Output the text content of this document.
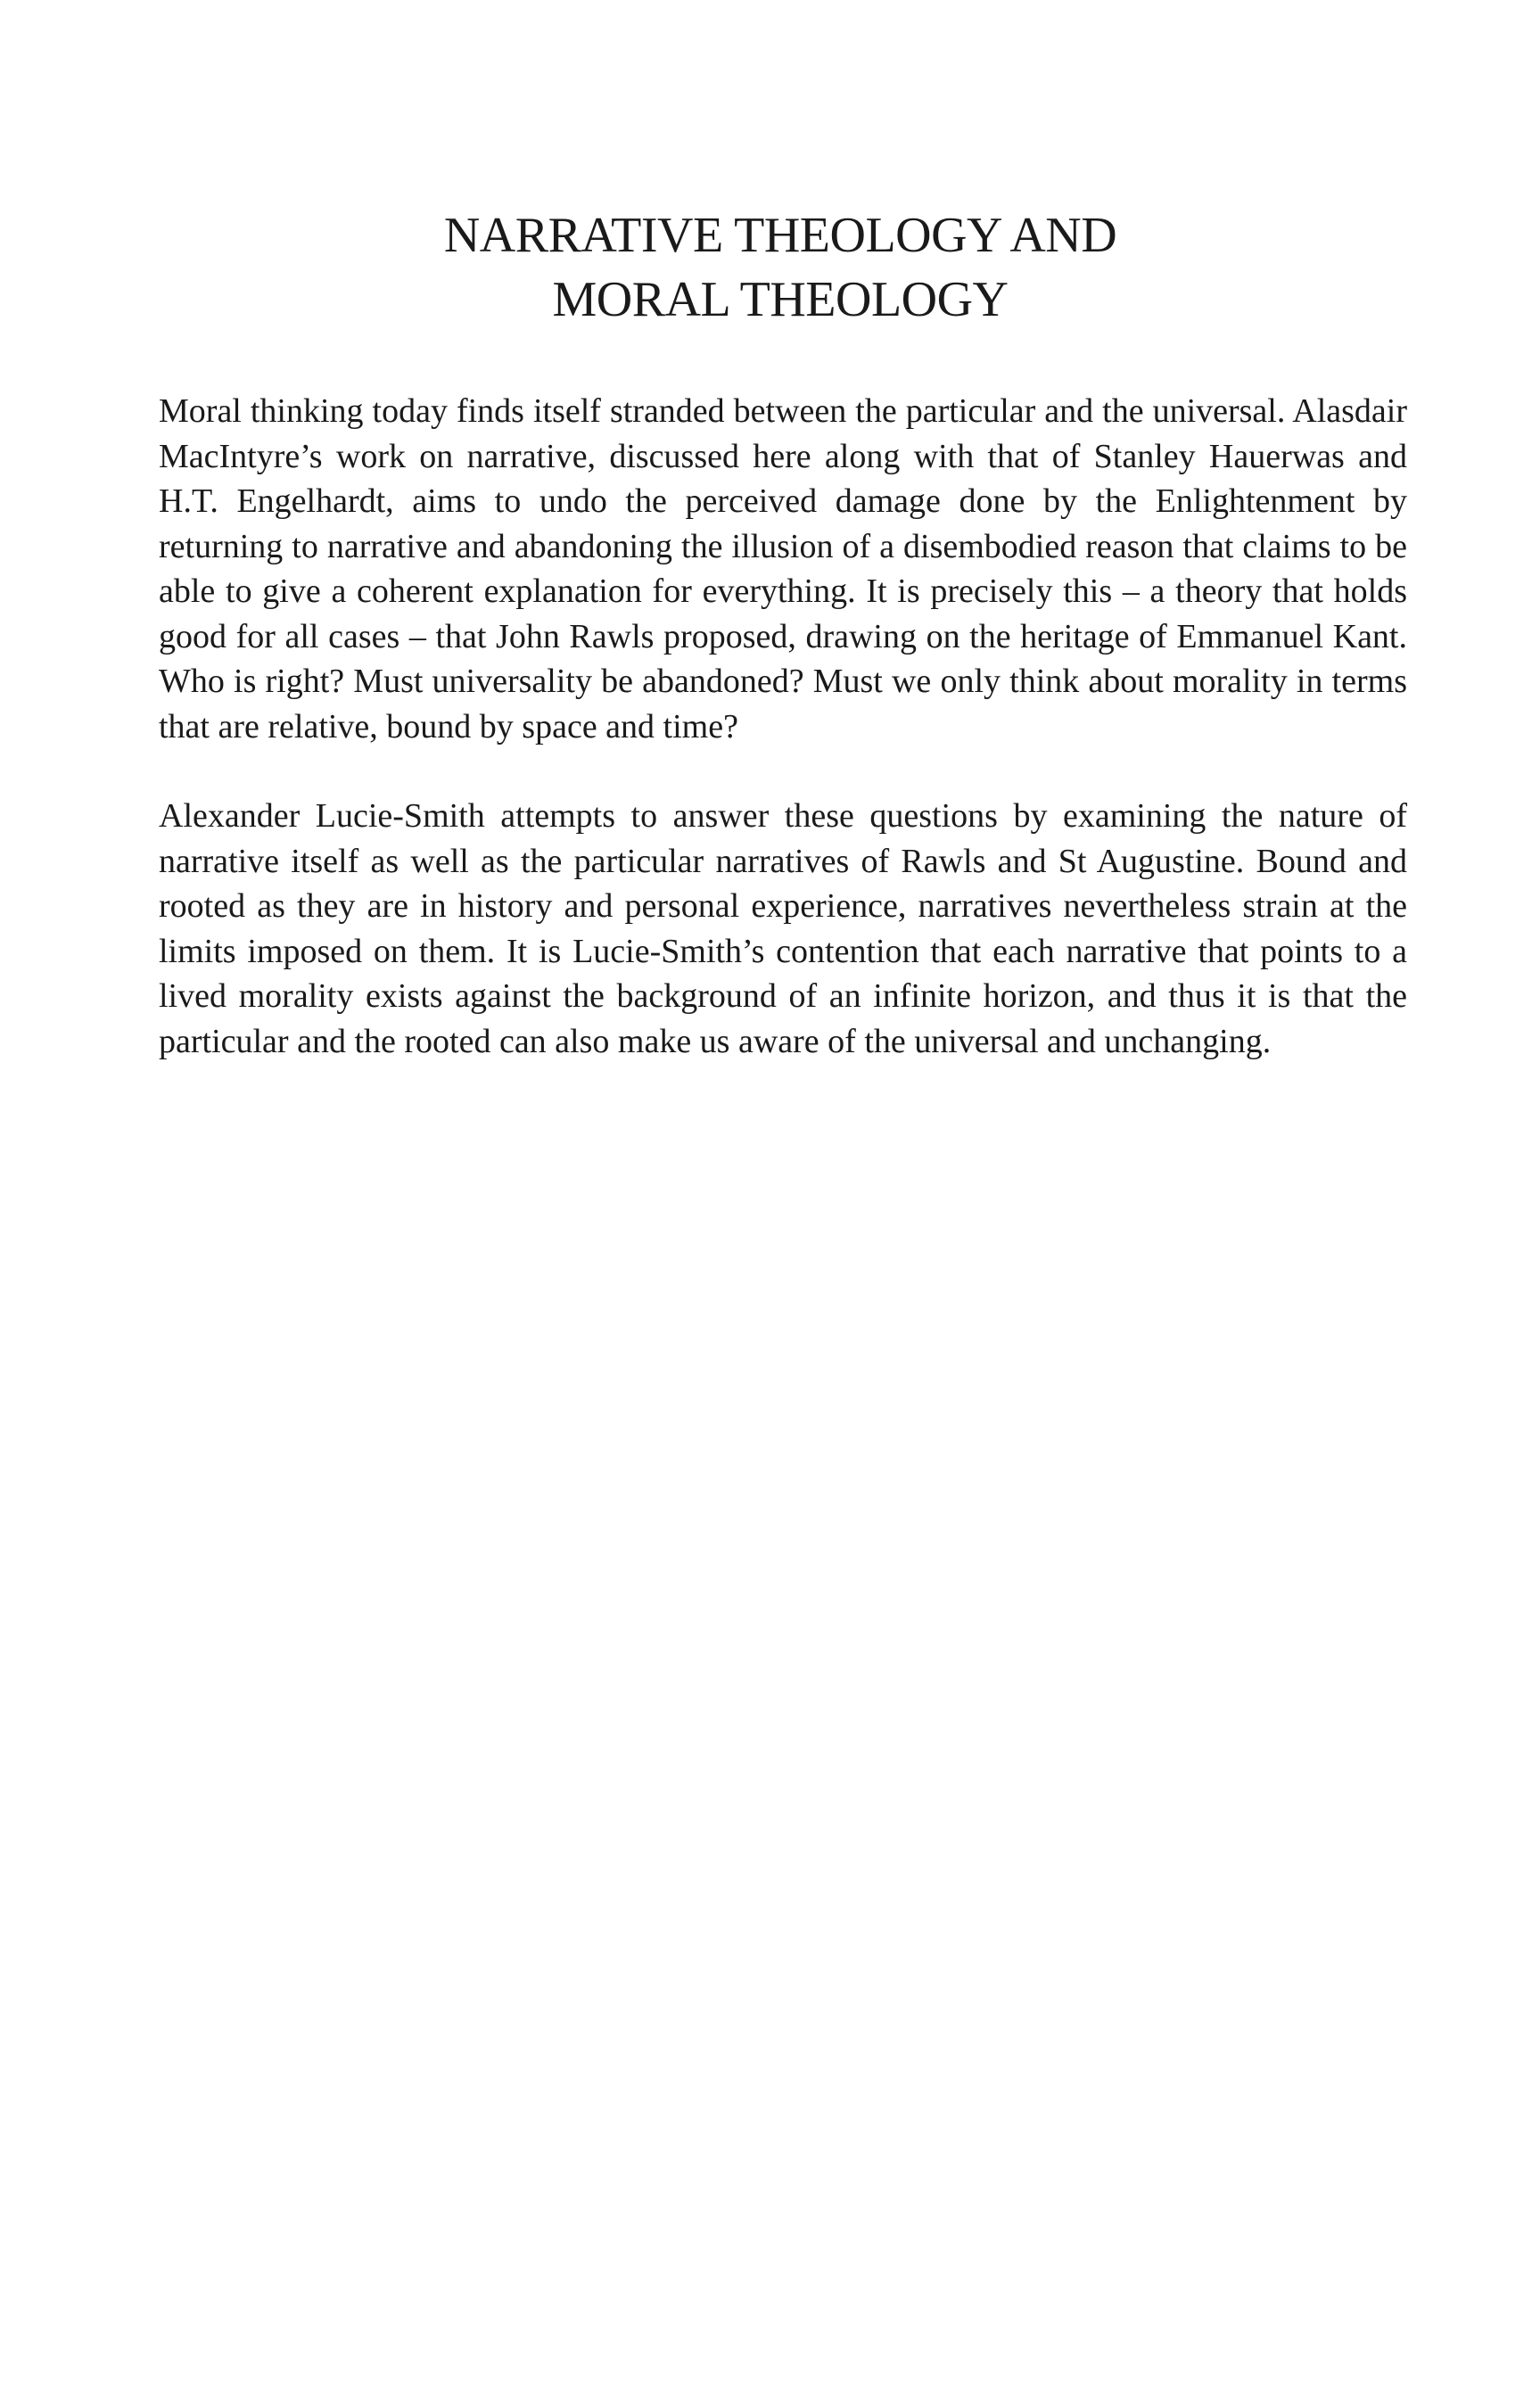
NARRATIVE THEOLOGY AND
MORAL THEOLOGY

Moral thinking today finds itself stranded between the particular and the universal. Alasdair MacIntyre’s work on narrative, discussed here along with that of Stanley Hauerwas and H.T. Engelhardt, aims to undo the perceived damage done by the Enlightenment by returning to narrative and abandoning the illusion of a disembodied reason that claims to be able to give a coherent explanation for everything. It is precisely this – a theory that holds good for all cases – that John Rawls proposed, drawing on the heritage of Emmanuel Kant. Who is right? Must universality be abandoned? Must we only think about morality in terms that are relative, bound by space and time?

Alexander Lucie-Smith attempts to answer these questions by examining the nature of narrative itself as well as the particular narratives of Rawls and St Augustine. Bound and rooted as they are in history and personal experience, narratives nevertheless strain at the limits imposed on them. It is Lucie-Smith’s contention that each narrative that points to a lived morality exists against the background of an infinite horizon, and thus it is that the particular and the rooted can also make us aware of the universal and unchanging.
